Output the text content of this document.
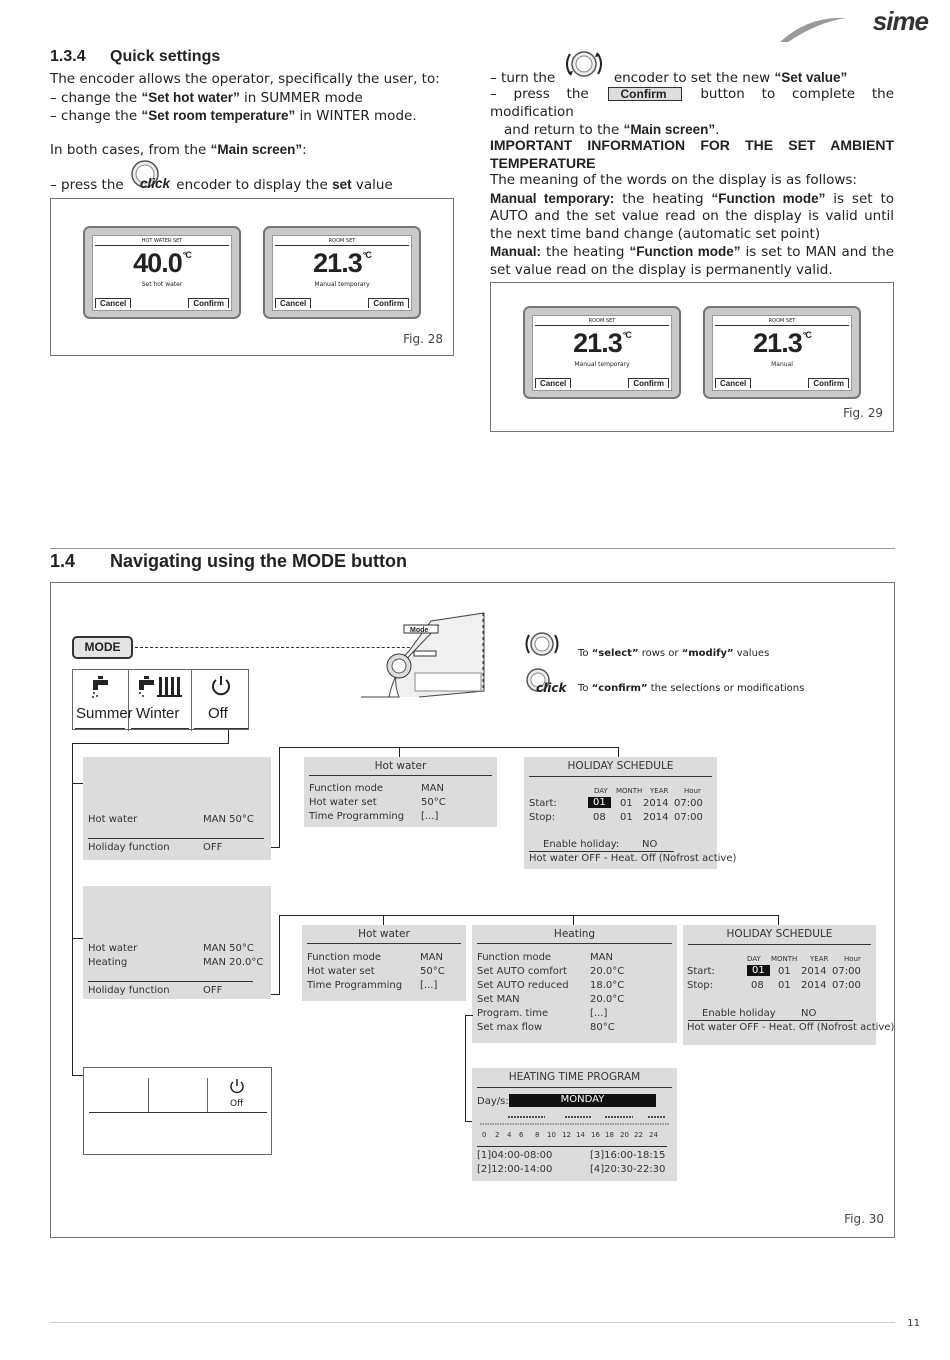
sime
1.3.4 Quick settings
The encoder allows the operator, specifically the user, to:
– change the “Set hot water” in SUMMER mode
– change the “Set room temperature” in WINTER mode.
In both cases, from the “Main screen”:
– press the click encoder to display the set value
HOT WATER SET
$40.0^{^\circ C}$
Set hot water
Cancel	Confirm
ROOM SET
$21.3^{^\circ C}$
Manual temporary
Cancel	Confirm
Fig. 28
– turn the	encoder to set the new “Set value”
– press the	Confirm	button to complete the modification
and return to the “Main screen”.
IMPORTANT INFORMATION FOR THE SET AMBIENT TEMPERATURE
The meaning of the words on the display is as follows:
Manual temporary: the heating “Function mode” is set to AUTO and the set value read on the display is valid until the next time band change (automatic set point)
Manual: the heating “Function mode” is set to MAN and the set value read on the display is permanently valid.
ROOM SET
$21.3^{^\circ C}$
Manual temporary
Cancel	Confirm
ROOM SET
$21.3^{^\circ C}$
Manual
Cancel	Confirm
Fig. 29
1.4 Navigating using the MODE button
MODE
Mode
To “select” rows or “modify” values
click To “confirm” the selections or modifications
Summer Winter Off
Hot water	MAN 50°C
Holiday function	OFF
Hot water
Function mode	MAN
Hot water set	50°C
Time Programming [...]
HOLIDAY SCHEDULE
DAY MONTH YEAR Hour
Start:	01	01 2014 07:00
Stop:	08 01 2014 07:00
Enable holiday: NO
Hot water OFF - Heat. Off (Nofrost active)
Hot water	MAN 50°C
Heating	MAN 20.0°C
Holiday function	OFF
Hot water
Function mode	MAN
Hot water set	50°C
Time Programming [...]
Heating
Function mode	MAN
Set AUTO comfort 20.0°C
Set AUTO reduced 18.0°C
Set MAN	20.0°C
Program. time	[...]
Set max flow	80°C
HOLIDAY SCHEDULE
DAY MONTH YEAR Hour
Start:	01	01 2014 07:00
Stop:	08 01 2014 07:00
Enable holiday	NO
Hot water OFF - Heat. Off (Nofrost active)
Off
HEATING TIME PROGRAM
Day/s:	MONDAY
0 2 4 6 8 10 12 14 16 18 20 22 24
[1]04:00-08:00	[3]16:00-18:15
[2]12:00-14:00	[4]20:30-22:30
Fig. 30
11
